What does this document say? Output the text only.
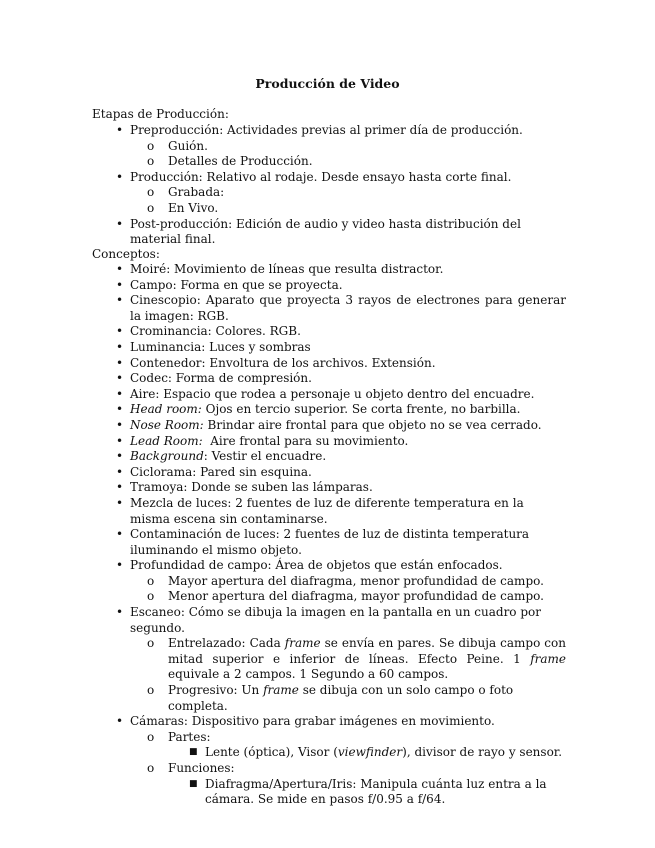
Producción de Video
Etapas de Producción:
• Preproducción: Actividades previas al primer día de producción.
o Guión.
o Detalles de Producción.
• Producción: Relativo al rodaje. Desde ensayo hasta corte final.
o Grabada:
o En Vivo.
• Post-producción: Edición de audio y video hasta distribución del material final.
Conceptos:
• Moiré: Movimiento de líneas que resulta distractor.
• Campo: Forma en que se proyecta.
• Cinescopio: Aparato que proyecta 3 rayos de electrones para generar la imagen: RGB.
• Crominancia: Colores. RGB.
• Luminancia: Luces y sombras
• Contenedor: Envoltura de los archivos. Extensión.
• Codec: Forma de compresión.
• Aire: Espacio que rodea a personaje u objeto dentro del encuadre.
• Head room: Ojos en tercio superior. Se corta frente, no barbilla.
• Nose Room: Brindar aire frontal para que objeto no se vea cerrado.
• Lead Room:  Aire frontal para su movimiento.
• Background: Vestir el encuadre.
• Ciclorama: Pared sin esquina.
• Tramoya: Donde se suben las lámparas.
• Mezcla de luces: 2 fuentes de luz de diferente temperatura en la misma escena sin contaminarse.
• Contaminación de luces: 2 fuentes de luz de distinta temperatura iluminando el mismo objeto.
• Profundidad de campo: Área de objetos que están enfocados.
o Mayor apertura del diafragma, menor profundidad de campo.
o Menor apertura del diafragma, mayor profundidad de campo.
• Escaneo: Cómo se dibuja la imagen en la pantalla en un cuadro por segundo.
o Entrelazado: Cada frame se envía en pares. Se dibuja campo con mitad superior e inferior de líneas. Efecto Peine. 1 frame equivale a 2 campos. 1 Segundo a 60 campos.
o Progresivo: Un frame se dibuja con un solo campo o foto completa.
• Cámaras: Dispositivo para grabar imágenes en movimiento.
o Partes:
■ Lente (óptica), Visor (viewfinder), divisor de rayo y sensor.
o Funciones:
■ Diafragma/Apertura/Iris: Manipula cuánta luz entra a la cámara. Se mide en pasos f/0.95 a f/64.
